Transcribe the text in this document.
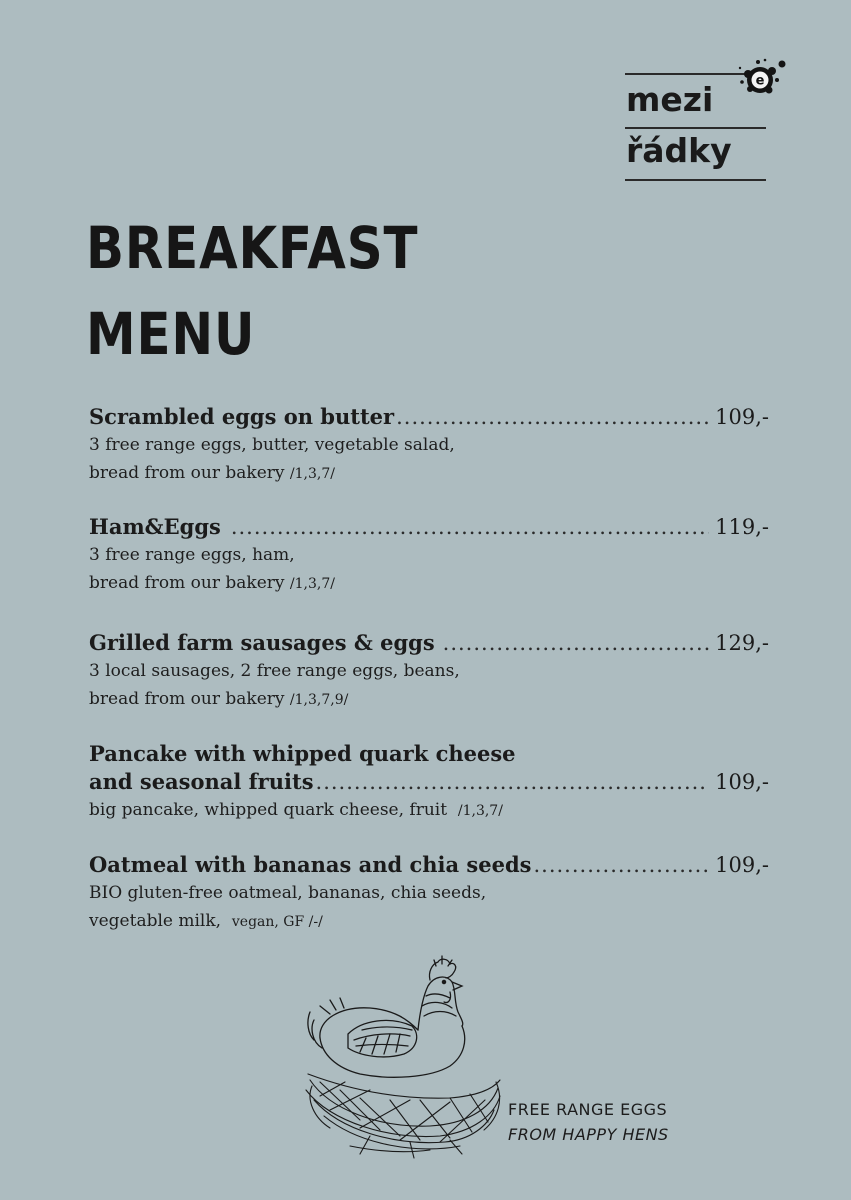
mezi
řádky
e
BREAKFAST
MENU
Scrambled eggs on butter .....	109,-
3 free range eggs, butter, vegetable salad,
bread from our bakery /1,3,7/
Ham&Eggs .....	119,-
3 free range eggs, ham,
bread from our bakery /1,3,7/
Grilled farm sausages & eggs .....	129,-
3 local sausages, 2 free range eggs, beans,
bread from our bakery /1,3,7,9/
Pancake with whipped quark cheese
and seasonal fruits .....	109,-
big pancake, whipped quark cheese, fruit /1,3,7/
Oatmeal with bananas and chia seeds .....	109,-
BIO gluten-free oatmeal, bananas, chia seeds,
vegetable milk, vegan, GF /-/
FREE RANGE EGGS
FROM HAPPY HENS
